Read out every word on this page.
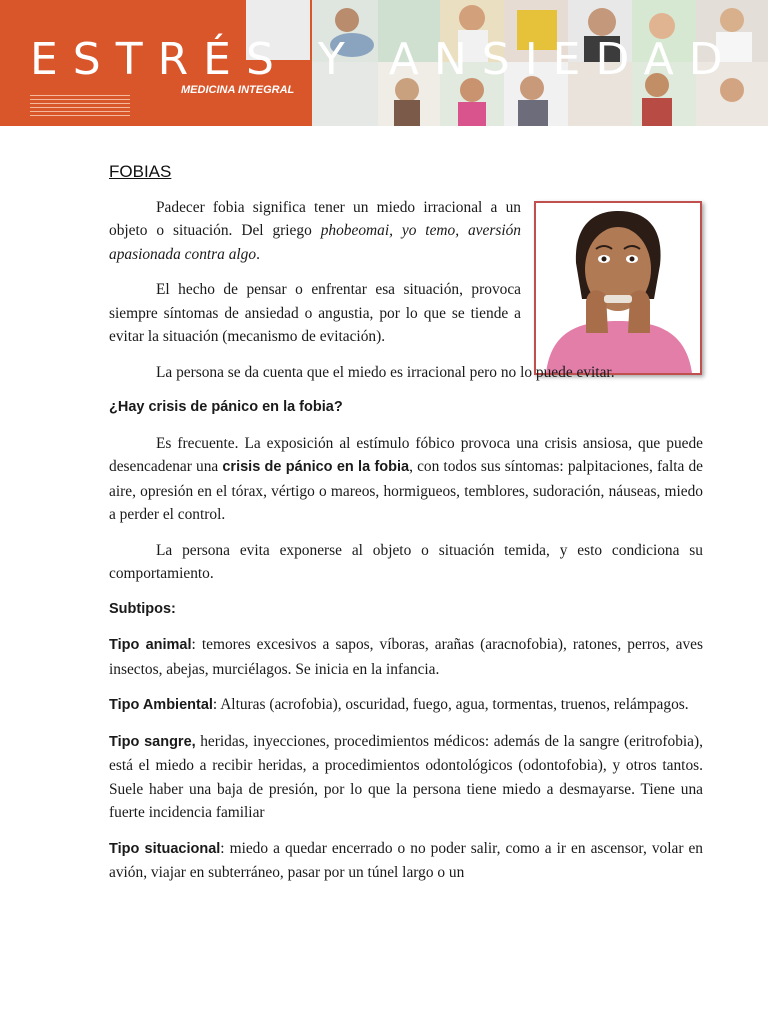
ESTRÉS Y ANSIEDAD
MEDICINA INTEGRAL
FOBIAS

Padecer fobia significa tener un miedo irracional a un objeto o situación. Del griego phobeomai, yo temo, aversión apasionada contra algo.

El hecho de pensar o enfrentar esa situación, provoca siempre síntomas de ansiedad o angustia, por lo que se tiende a evitar la situación (mecanismo de evitación).

La persona se da cuenta que el miedo es irracional pero no lo puede evitar.

¿Hay crisis de pánico en la fobia?

Es frecuente. La exposición al estímulo fóbico provoca una crisis ansiosa, que puede desencadenar una crisis de pánico en la fobia, con todos sus síntomas: palpitaciones, falta de aire, opresión en el tórax, vértigo o mareos, hormigueos, temblores, sudoración, náuseas, miedo a perder el control.

La persona evita exponerse al objeto o situación temida, y esto condiciona su comportamiento.

Subtipos:

Tipo animal: temores excesivos a sapos, víboras, arañas (aracnofobia), ratones, perros, aves insectos, abejas, murciélagos. Se inicia en la infancia.

Tipo Ambiental: Alturas (acrofobia), oscuridad, fuego, agua, tormentas, truenos, relámpagos.

Tipo sangre, heridas, inyecciones, procedimientos médicos: además de la sangre (eritrofobia), está el miedo a recibir heridas, a procedimientos odontológicos (odontofobia), y otros tantos. Suele haber una baja de presión, por lo que la persona tiene miedo a desmayarse. Tiene una fuerte incidencia familiar

Tipo situacional: miedo a quedar encerrado o no poder salir, como a ir en ascensor, volar en avión, viajar en subterráneo, pasar por un túnel largo o un
